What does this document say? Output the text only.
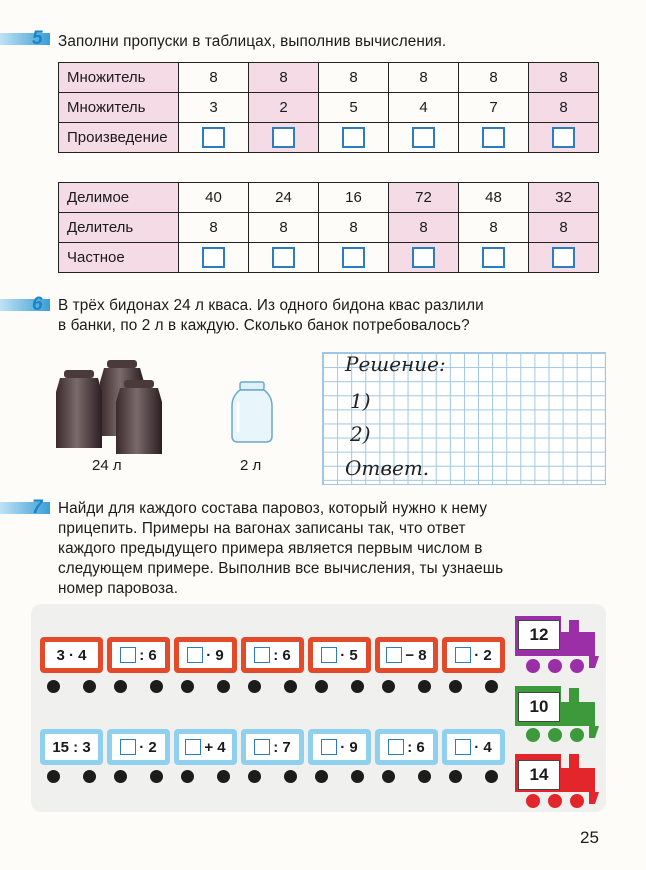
5 Заполни пропуски в таблицах, выполнив вычисления.
Множитель	8	8	8	8	8	8
Множитель	3	2	5	4	7	8
Произведение						
Делимое	40	24	16	72	48	32
Делитель	8	8	8	8	8	8
Частное						
6 В трёх бидонах 24 л кваса. Из одного бидона квас разлили
в банки, по 2 л в каждую. Сколько банок потребовалось?
24 л	2 л
Решение:
1)
2)
Ответ.
7 Найди для каждого состава паровоз, который нужно к нему
прицепить. Примеры на вагонах записаны так, что ответ
каждого предыдущего примера является первым числом в
следующем примере. Выполнив все вычисления, ты узнаешь
номер паровоза.
3 · 4	: 6	· 9	: 6	· 5	− 8	· 2
15 : 3	· 2	+ 4	: 7	· 9	: 6	· 4
12
10
14
25
